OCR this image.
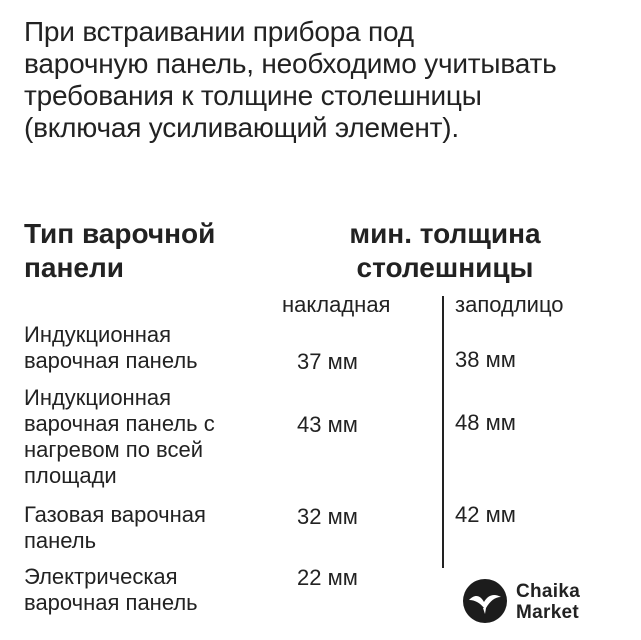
При встраивании прибора под
варочную панель, необходимо учитывать
требования к толщине столешницы
(включая усиливающий элемент).
Тип варочной
панели
мин. толщина
столешницы
накладная	заподлицо
Индукционная
варочная панель	37 мм	38 мм
Индукционная
варочная панель с
нагревом по всей
площади
43 мм	48 мм
Газовая варочная
панель
32 мм	42 мм
Электрическая
варочная панель
22 мм
Chaika
Market
